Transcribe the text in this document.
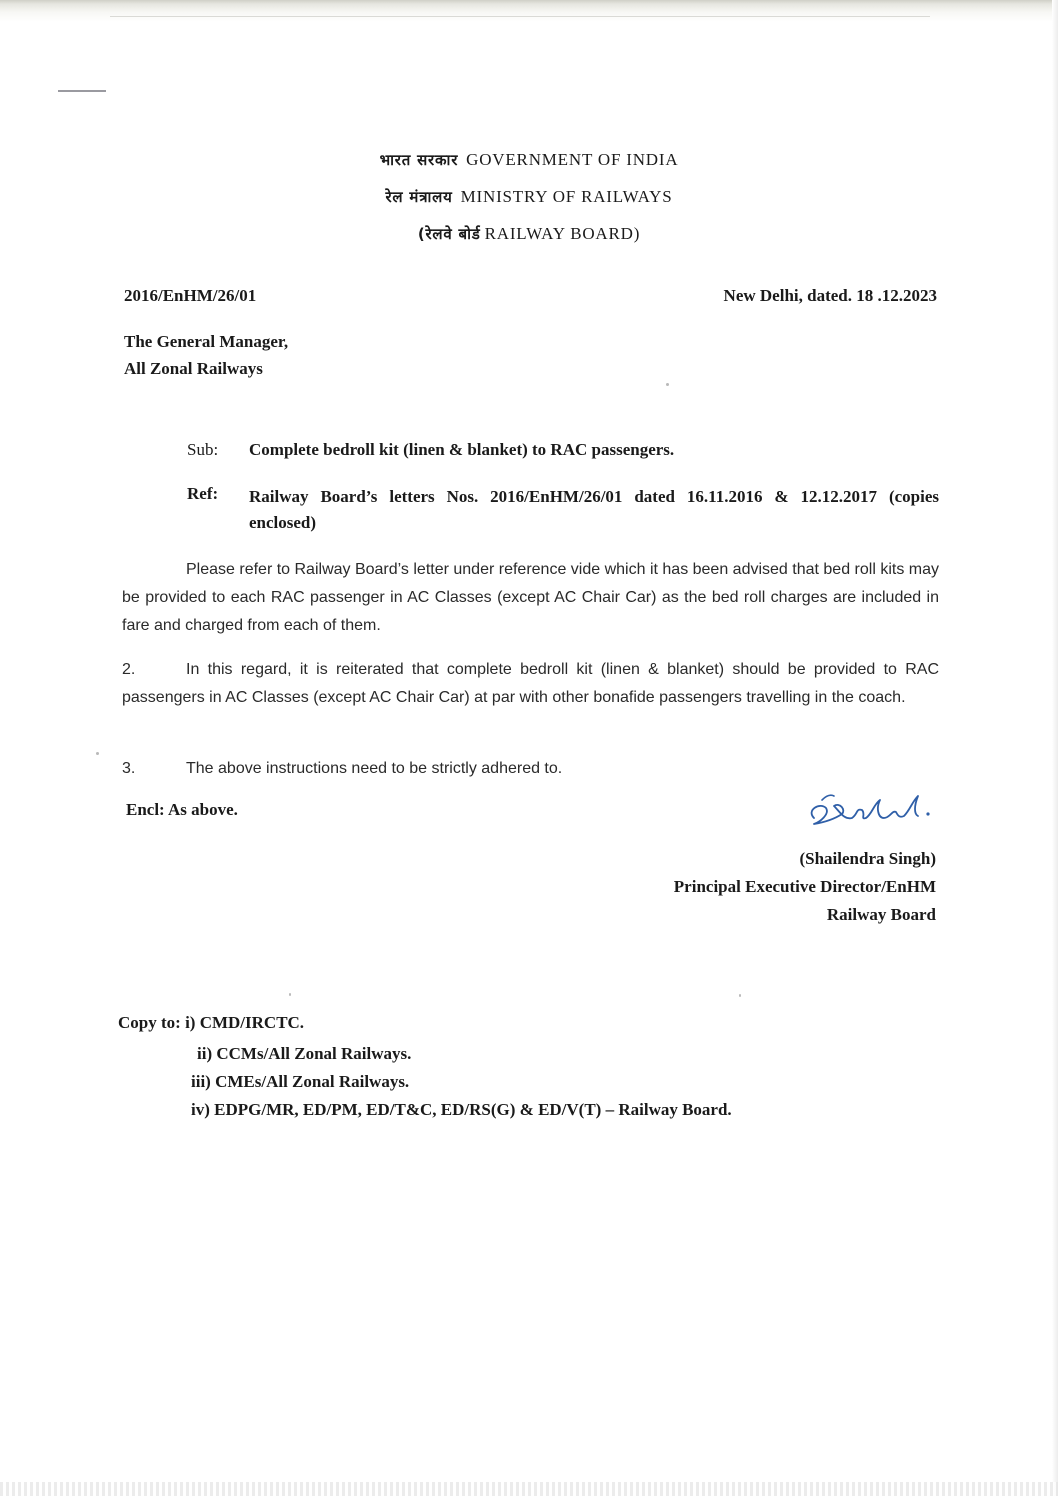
भारत सरकार GOVERNMENT OF INDIA
रेल मंत्रालय MINISTRY OF RAILWAYS
(रेलवे बोर्ड RAILWAY BOARD)
2016/EnHM/26/01	New Delhi, dated. 18 .12.2023
The General Manager,
All Zonal Railways
Sub: Complete bedroll kit (linen & blanket) to RAC passengers.
Ref: Railway Board’s letters Nos. 2016/EnHM/26/01 dated 16.11.2016 & 12.12.2017 (copies enclosed)
Please refer to Railway Board’s letter under reference vide which it has been advised that bed roll kits may be provided to each RAC passenger in AC Classes (except AC Chair Car) as the bed roll charges are included in fare and charged from each of them.
2.	In this regard, it is reiterated that complete bedroll kit (linen & blanket) should be provided to RAC passengers in AC Classes (except AC Chair Car) at par with other bonafide passengers travelling in the coach.
3.	The above instructions need to be strictly adhered to.
Encl: As above.
(Shailendra Singh)
Principal Executive Director/EnHM
Railway Board
Copy to: i) CMD/IRCTC.
ii) CCMs/All Zonal Railways.
iii) CMEs/All Zonal Railways.
iv) EDPG/MR, ED/PM, ED/T&C, ED/RS(G) & ED/V(T) – Railway Board.
